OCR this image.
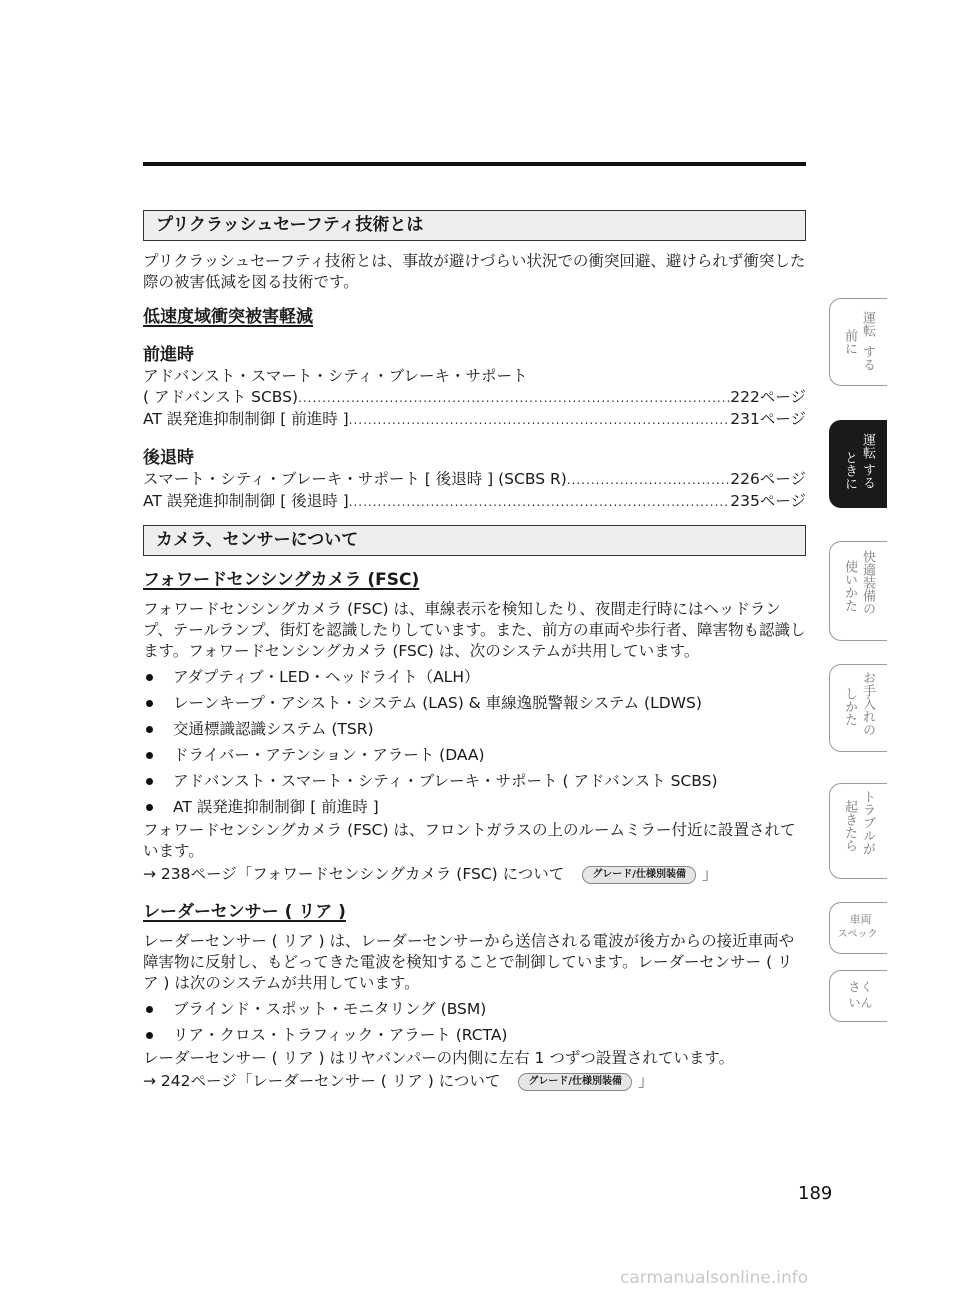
プリクラッシュセーフティ技術とは

プリクラッシュセーフティ技術とは、事故が避けづらい状況での衝突回避、避けられず衝突した際の被害低減を図る技術です。

低速度域衝突被害軽減
前進時
アドバンスト・スマート・シティ・ブレーキ・サポート
( アドバンスト SCBS) .....	222ページ
AT 誤発進抑制制御 [ 前進時 ] .....	231ページ
後退時
スマート・シティ・ブレーキ・サポート [ 後退時 ] (SCBS R) .....	226ページ
AT 誤発進抑制制御 [ 後退時 ] .....	235ページ
カメラ、センサーについて
フォワードセンシングカメラ (FSC)

フォワードセンシングカメラ (FSC) は、車線表示を検知したり、夜間走行時にはヘッドランプ、テールランプ、街灯を認識したりしています。また、前方の車両や歩行者、障害物も認識します。フォワードセンシングカメラ (FSC) は、次のシステムが共用しています。

アダプティブ・LED・ヘッドライト（ALH）
レーンキープ・アシスト・システム (LAS) & 車線逸脱警報システム (LDWS)
交通標識認識システム (TSR)
ドライバー・アテンション・アラート (DAA)
アドバンスト・スマート・シティ・ブレーキ・サポート ( アドバンスト SCBS)
AT 誤発進抑制制御 [ 前進時 ]

フォワードセンシングカメラ (FSC) は、フロントガラスの上のルームミラー付近に設置されています。

→ 238ページ「フォワードセンシングカメラ (FSC) について	グレード/仕様別装備 」
レーダーセンサー ( リア )

レーダーセンサー ( リア ) は、レーダーセンサーから送信される電波が後方からの接近車両や障害物に反射し、もどってきた電波を検知することで制御しています。レーダーセンサー ( リア ) は次のシステムが共用しています。

ブラインド・スポット・モニタリング (BSM)
リア・クロス・トラフィック・アラート (RCTA)

レーダーセンサー ( リア ) はリヤバンパーの内側に左右 1 つずつ設置されています。

→ 242ページ「レーダーセンサー ( リア ) について	グレード/仕様別装備 」
運転
前に
する
運転
ときに する
快適装備の
使いかた
お手入れの
しかた
トラブルが
起きたら
車両
スペック
さく
いん
189
carmanualsonline.info
